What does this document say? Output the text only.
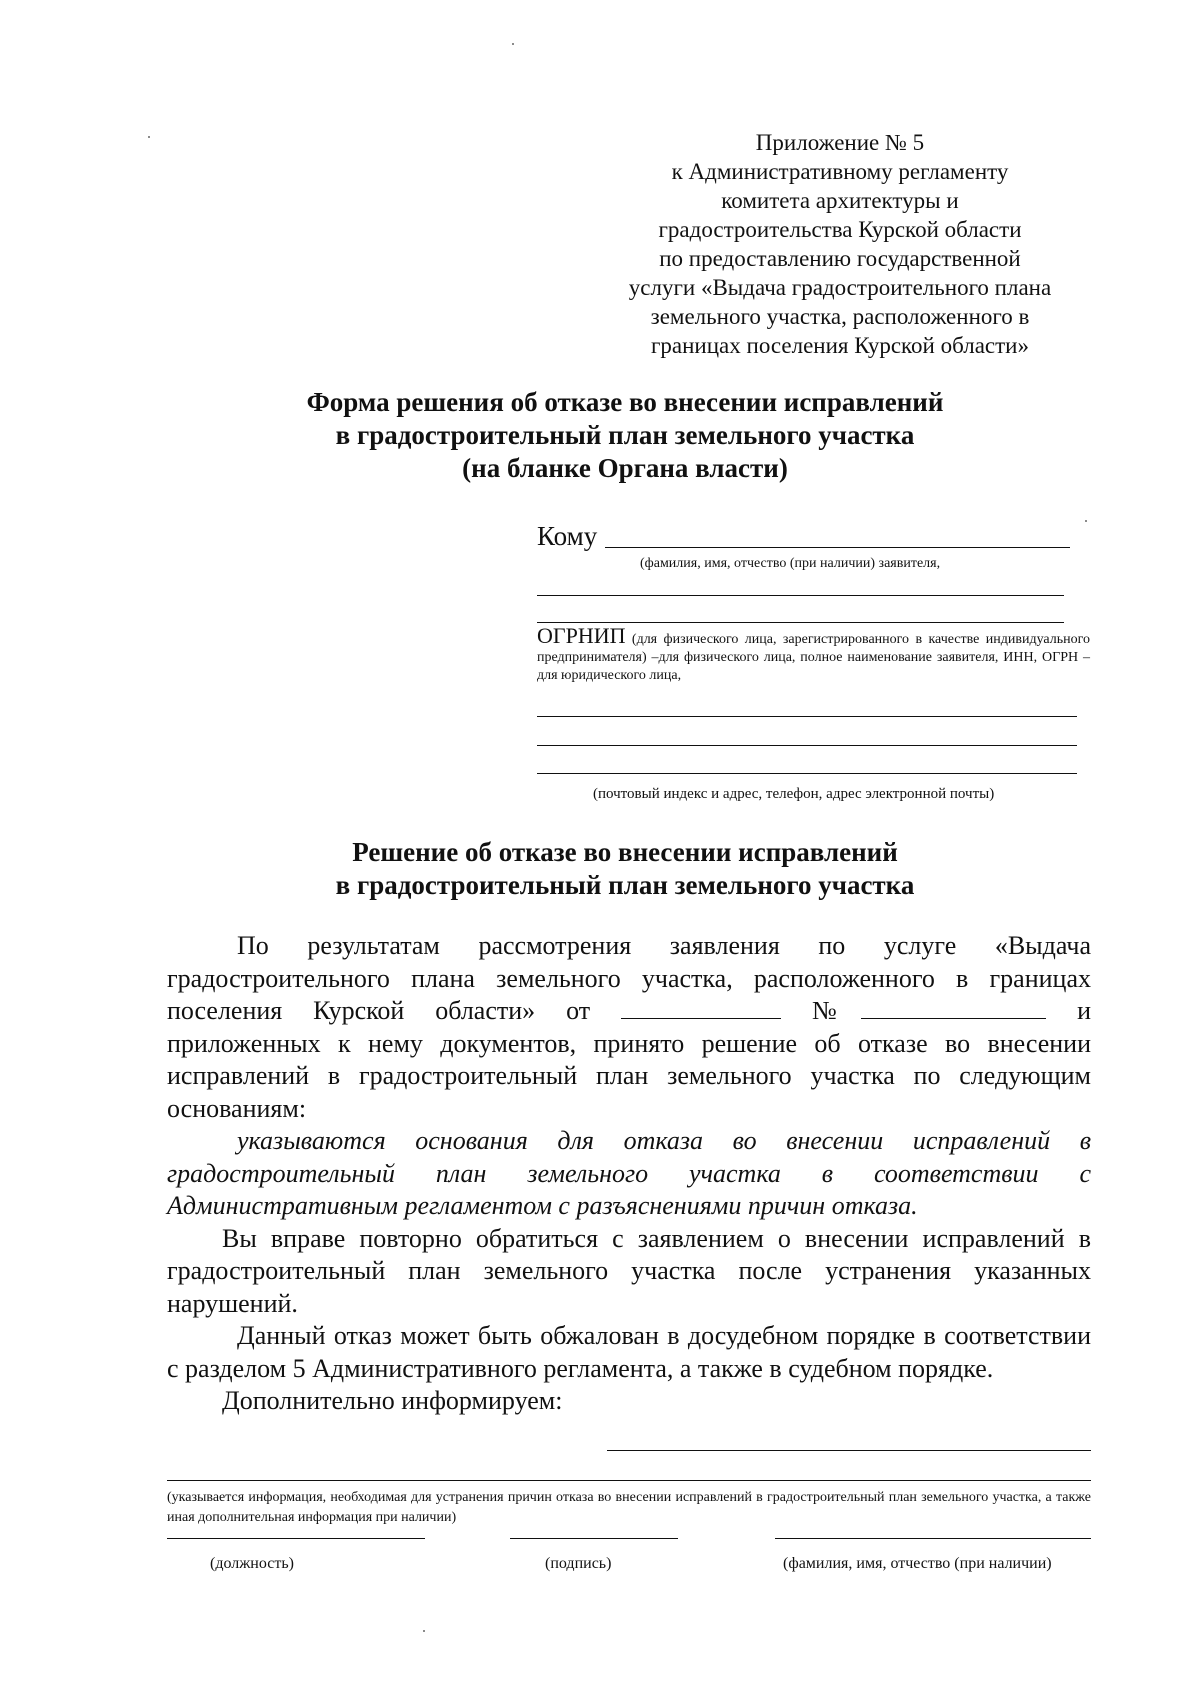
Приложение № 5
к Административному регламенту
комитета архитектуры и
градостроительства Курской области
по предоставлению государственной
услуги «Выдача градостроительного плана
земельного участка, расположенного в
границах поселения Курской области»
Форма решения об отказе во внесении исправлений
в градостроительный план земельного участка
(на бланке Органа власти)
Кому
(фамилия, имя, отчество (при наличии) заявителя,
ОГРНИП (для физического лица, зарегистрированного в качестве индивидуального предпринимателя) –для физического лица, полное наименование заявителя, ИНН, ОГРН – для юридического лица,
(почтовый индекс и адрес, телефон, адрес электронной почты)
Решение об отказе во внесении исправлений
в градостроительный план земельного участка

По результатам рассмотрения заявления по услуге «Выдача градостроительного плана земельного участка, расположенного в границах поселения Курской области» от	№	и

приложенных к нему документов, принято решение об отказе во внесении исправлений в градостроительный план земельного участка по следующим основаниям:

указываются основания для отказа во внесении исправлений в градостроительный план земельного участка в соответствии с Административным регламентом с разъяснениями причин отказа.

Вы вправе повторно обратиться с заявлением о внесении исправлений в градостроительный план земельного участка после устранения указанных нарушений.

Данный отказ может быть обжалован в досудебном порядке в соответствии с разделом 5 Административного регламента, а также в судебном порядке.

Дополнительно информируем:

(указывается информация, необходимая для устранения причин отказа во внесении исправлений в градостроительный план земельного участка, а также иная дополнительная информация при наличии)
(должность)	(подпись)	(фамилия, имя, отчество (при наличии)
